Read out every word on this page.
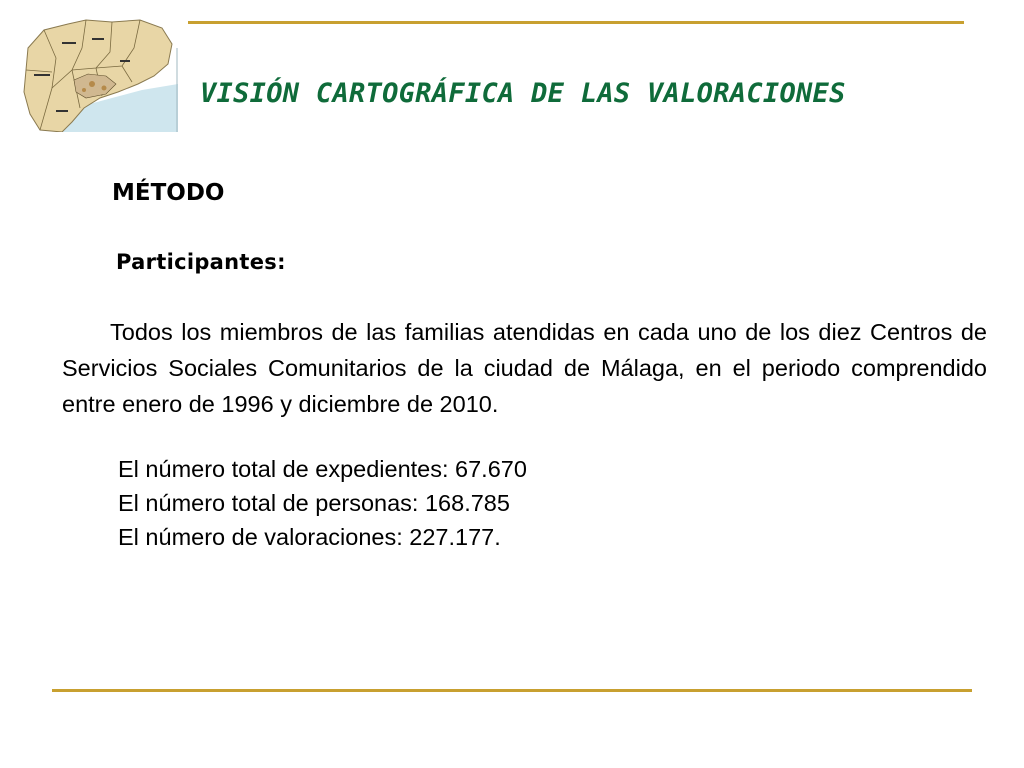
VISIÓN CARTOGRÁFICA DE LAS VALORACIONES
MÉTODO
Participantes:
Todos los miembros de las familias atendidas en cada uno de los diez Centros de Servicios Sociales Comunitarios de la ciudad de Málaga, en el periodo comprendido entre enero de 1996 y diciembre de 2010.
El número total de expedientes: 67.670
El número total de personas: 168.785
El número de valoraciones: 227.177.
